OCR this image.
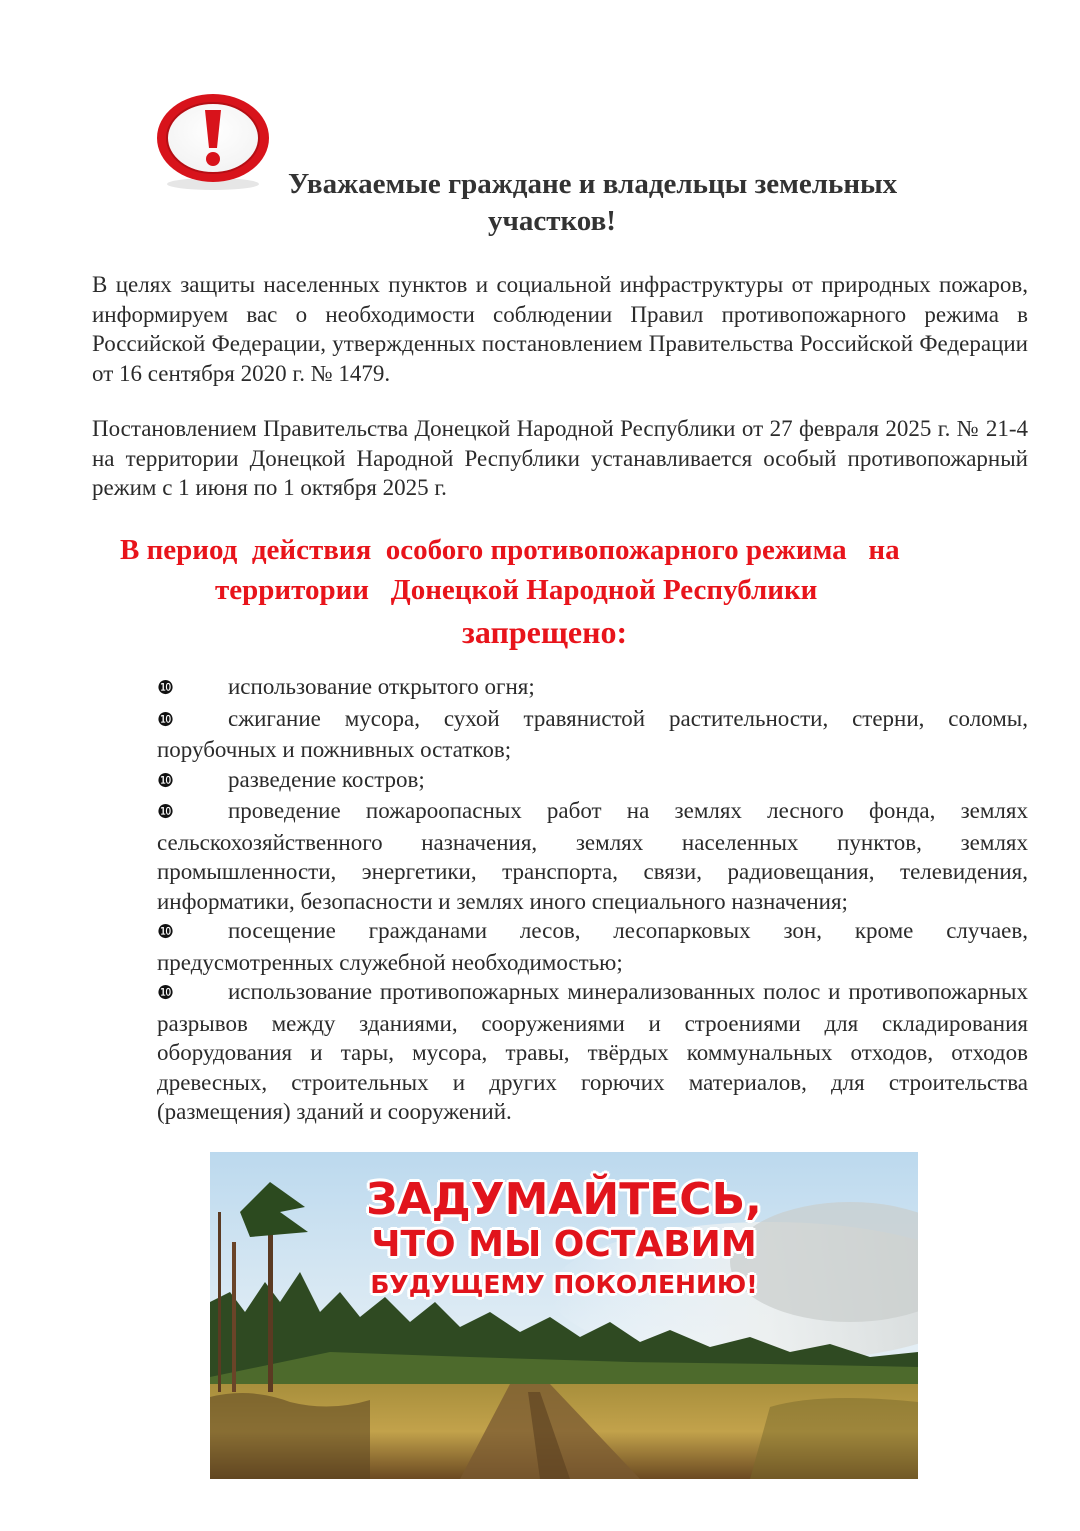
Уважаемые граждане и владельцы земельных
участков!

В целях защиты населенных пунктов и социальной инфраструктуры от природных пожаров, информируем вас о необходимости соблюдении Правил противопожарного режима в Российской Федерации, утвержденных постановлением Правительства Российской Федерации от 16 сентября 2020 г. № 1479.

Постановлением Правительства Донецкой Народной Республики от 27 февраля 2025 г. № 21-4 на территории Донецкой Народной Республики устанавливается особый противопожарный режим с 1 июня по 1 октября 2025 г.

В период  действия  особого противопожарного режима   на
территории   Донецкой Народной Республики
запрещено:
❿ использование открытого огня;
❿ сжигание мусора, сухой травянистой растительности, стерни, соломы, порубочных и пожнивных остатков;
❿ разведение костров;
❿ проведение пожароопасных работ на землях лесного фонда, землях сельскохозяйственного назначения, землях населенных пунктов, землях промышленности, энергетики, транспорта, связи, радиовещания, телевидения, информатики, безопасности и землях иного специального назначения;
❿ посещение гражданами лесов, лесопарковых зон, кроме случаев, предусмотренных служебной необходимостью;
❿ использование противопожарных минерализованных полос и противопожарных разрывов между зданиями, сооружениями и строениями для складирования оборудования и тары, мусора, травы, твёрдых коммунальных отходов, отходов древесных, строительных и других горючих материалов, для строительства (размещения) зданий и сооружений.
ЗАДУМАЙТЕСЬ,
ЧТО МЫ ОСТАВИМ
БУДУЩЕМУ ПОКОЛЕНИЮ!
